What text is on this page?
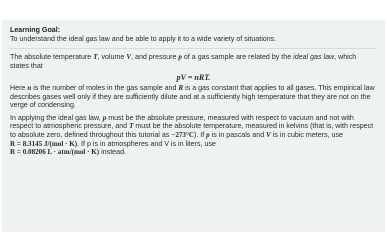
Learning Goal:
To understand the ideal gas law and be able to apply it to a wide variety of situations.

The absolute temperature T, volume V, and pressure p of a gas sample are related by the ideal gas law, which states that

pV = nRT.

Here n is the number of moles in the gas sample and R is a gas constant that applies to all gases. This empirical law describes gases well only if they are sufficiently dilute and at a sufficiently high temperature that they are not on the verge of condensing.

In applying the ideal gas law, p must be the absolute pressure, measured with respect to vacuum and not with respect to atmospheric pressure, and T must be the absolute temperature, measured in kelvins (that is, with respect to absolute zero, defined throughout this tutorial as −273°C). If p is in pascals and V is in cubic meters, use
R = 8.3145 J/(mol · K). If p is in atmospheres and V is in liters, use
R = 0.08206 L · atm/(mol · K) instead.
